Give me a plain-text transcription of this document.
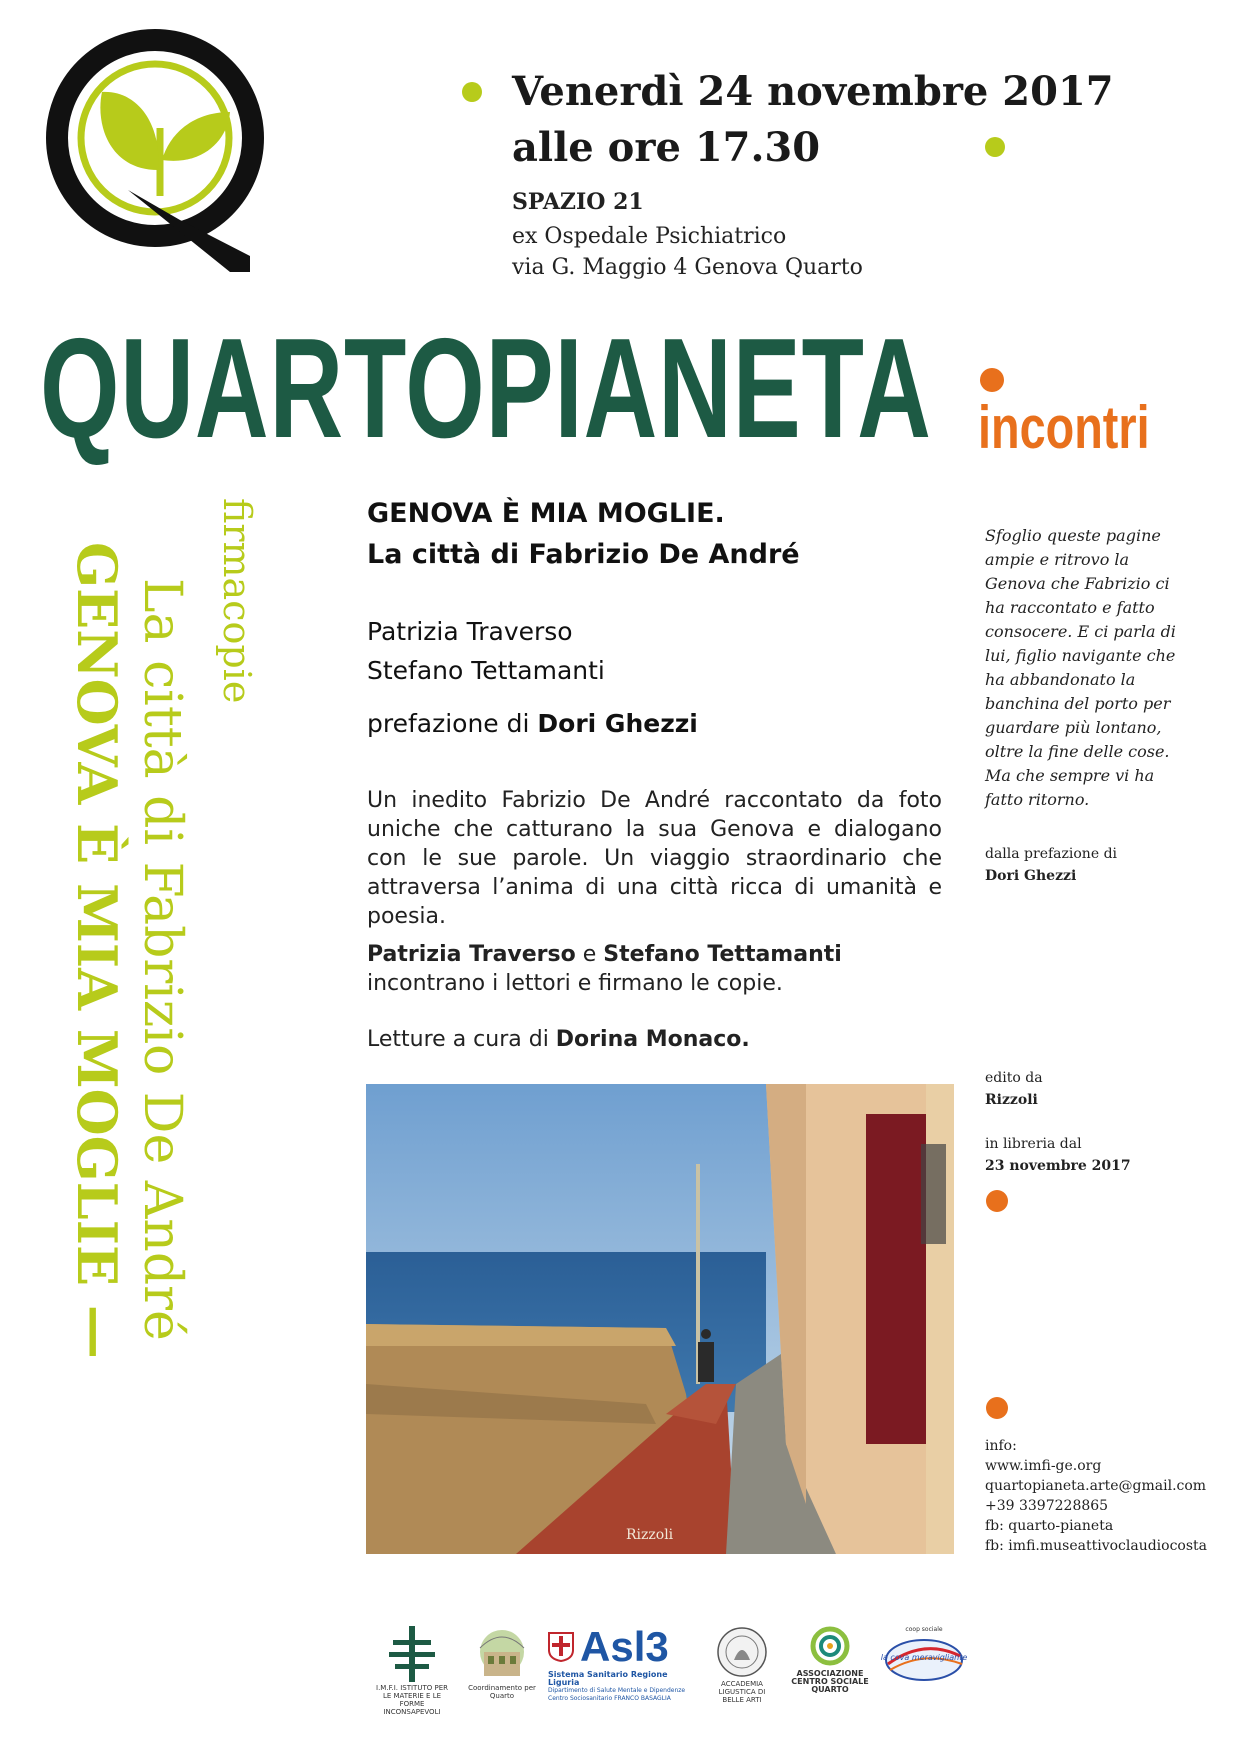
Venerdì 24 novembre 2017
alle ore 17.30
SPAZIO 21
ex Ospedale Psichiatrico
via G. Maggio 4 Genova Quarto
QUARTOPIANETA incontri
GENOVA È MIA MOGLIE — La città di Fabrizio De André firmacopie	GENOVA È MIA MOGLIE.
La città di Fabrizio De André
Patrizia Traverso
Stefano Tettamanti
prefazione di Dori Ghezzi

Un inedito Fabrizio De André raccontato da foto uniche che catturano la sua Genova e dialogano con le sue parole. Un viaggio straordinario che attraversa l’anima di una città ricca di umanità e poesia.

Patrizia Traverso e Stefano Tettamanti incontrano i lettori e firmano le copie.

Letture a cura di Dorina Monaco.

Sfoglio queste pagine ampie e ritrovo la Genova che Fabrizio ci ha raccontato e fatto consocere. E ci parla di lui, figlio navigante che ha abbandonato la banchina del porto per guardare più lontano, oltre la fine delle cose. Ma che sempre vi ha fatto ritorno.
dalla prefazione di
Dori Ghezzi
edito da
Rizzoli
in libreria dal
23 novembre 2017
Rizzoli
info:
www.imfi-ge.org
quartopianeta.arte@gmail.com
+39 3397228865
fb: quarto-pianeta
fb: imfi.museattivoclaudiocosta
I.M.F.I. ISTITUTO PER LE MATERIE E LE FORME INCONSAPEVOLI
Coordinamento per Quarto
Asl3
Sistema Sanitario Regione Liguria
Dipartimento di Salute Mentale e Dipendenze Centro Sociosanitario FRANCO BASAGLIA
ACCADEMIA LIGUSTICA DI BELLE ARTI
ASSOCIAZIONE CENTRO SOCIALE QUARTO
coop sociale
la cova meravigliante
